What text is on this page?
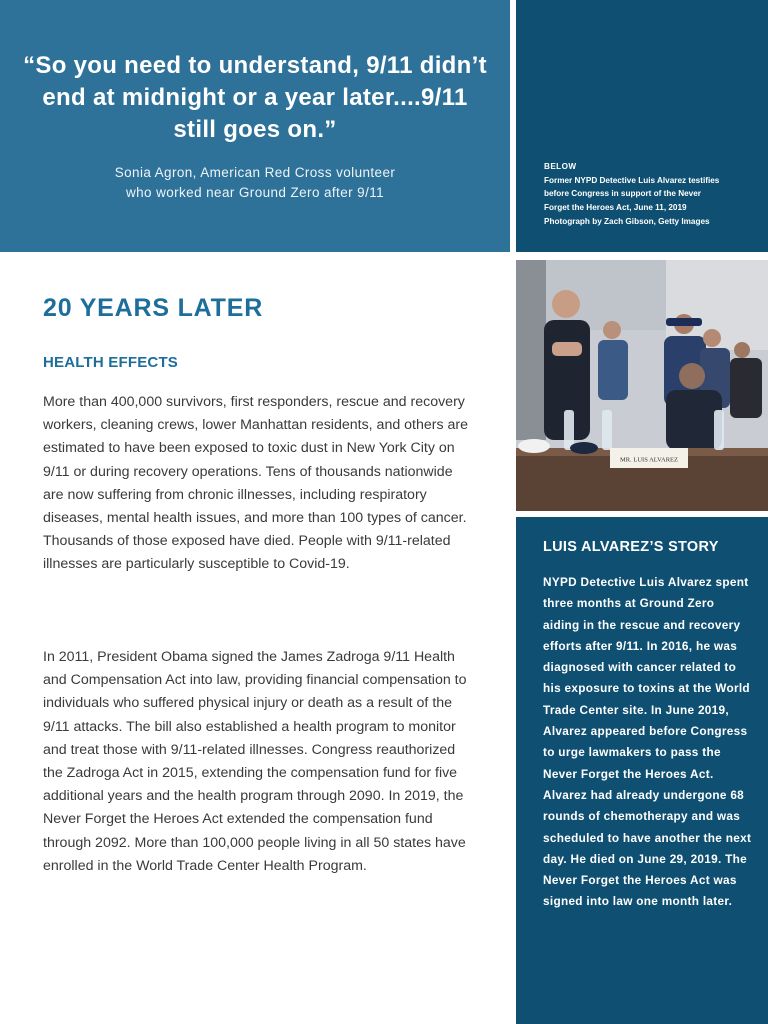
“So you need to understand, 9/11 didn’t end at midnight or a year later....9/11 still goes on.”

Sonia Agron, American Red Cross volunteer
who worked near Ground Zero after 9/11

BELOW
Former NYPD Detective Luis Alvarez testifies
before Congress in support of the Never
Forget the Heroes Act, June 11, 2019
Photograph by Zach Gibson, Getty Images
MR. LUIS ALVAREZ
LUIS ALVAREZ’S STORY

NYPD Detective Luis Alvarez spent three months at Ground Zero aiding in the rescue and recovery efforts after 9/11. In 2016, he was diagnosed with cancer related to his exposure to toxins at the World Trade Center site. In June 2019, Alvarez appeared before Congress to urge lawmakers to pass the Never Forget the Heroes Act. Alvarez had already undergone 68 rounds of chemotherapy and was scheduled to have another the next day. He died on June 29, 2019. The Never Forget the Heroes Act was signed into law one month later.

20 YEARS LATER
HEALTH EFFECTS

More than 400,000 survivors, first responders, rescue and recovery workers, cleaning crews, lower Manhattan residents, and others are estimated to have been exposed to toxic dust in New York City on 9/11 or during recovery operations. Tens of thousands nationwide are now suffering from chronic illnesses, including respiratory diseases, mental health issues, and more than 100 types of cancer. Thousands of those exposed have died. People with 9/11-related illnesses are particularly susceptible to Covid-19.

In 2011, President Obama signed the James Zadroga 9/11 Health and Compensation Act into law, providing financial compensation to individuals who suffered physical injury or death as a result of the 9/11 attacks. The bill also established a health program to monitor and treat those with 9/11-related illnesses. Congress reauthorized the Zadroga Act in 2015, extending the compensation fund for five additional years and the health program through 2090. In 2019, the Never Forget the Heroes Act extended the compensation fund through 2092. More than 100,000 people living in all 50 states have enrolled in the World Trade Center Health Program.
